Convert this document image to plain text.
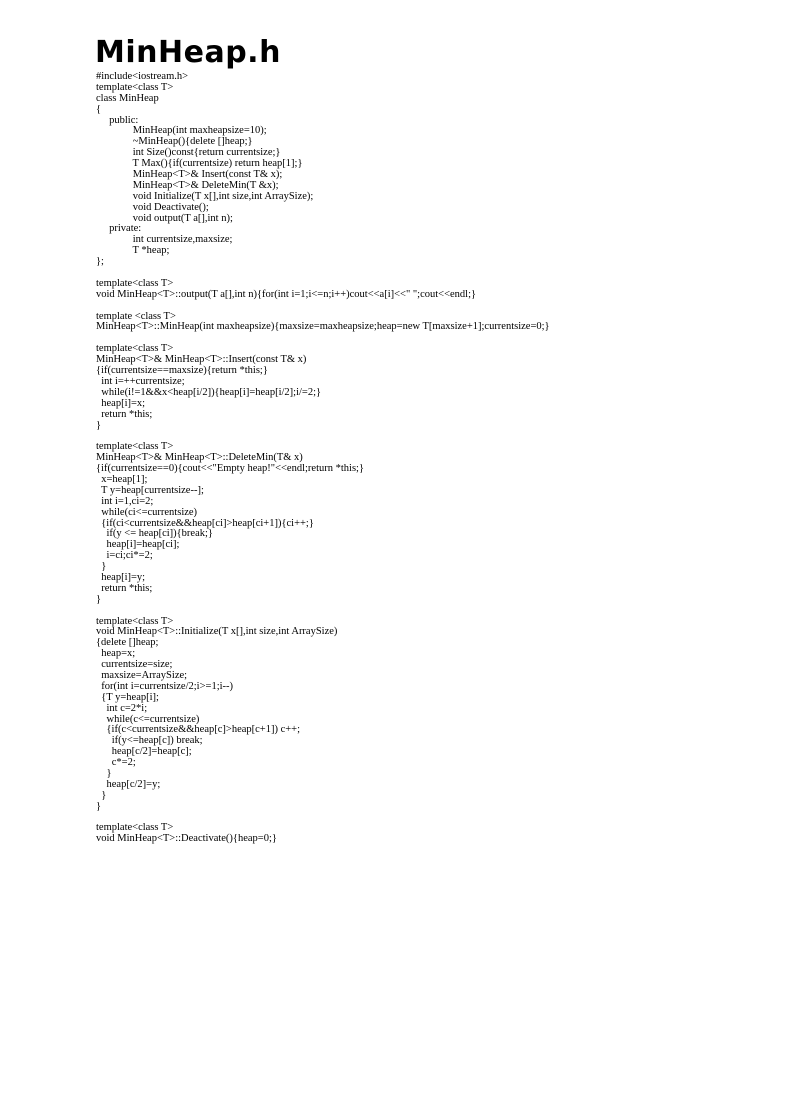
MinHeap.h
#include<iostream.h>
template<class T>
class MinHeap
{
public:
MinHeap(int maxheapsize=10);
~MinHeap(){delete []heap;}
int Size()const{return currentsize;}
T Max(){if(currentsize) return heap[1];}
MinHeap<T>& Insert(const T& x);
MinHeap<T>& DeleteMin(T &x);
void Initialize(T x[],int size,int ArraySize);
void Deactivate();
void output(T a[],int n);
private:
int currentsize,maxsize;
T *heap;
};
template<class T>
void MinHeap<T>::output(T a[],int n){for(int i=1;i<=n;i++)cout<<a[i]<<" ";cout<<endl;}
template <class T>
MinHeap<T>::MinHeap(int maxheapsize){maxsize=maxheapsize;heap=new T[maxsize+1];currentsize=0;}
template<class T>
MinHeap<T>& MinHeap<T>::Insert(const T& x)
{if(currentsize==maxsize){return *this;}
int i=++currentsize;
while(i!=1&&x<heap[i/2]){heap[i]=heap[i/2];i/=2;}
heap[i]=x;
return *this;
}
template<class T>
MinHeap<T>& MinHeap<T>::DeleteMin(T& x)
{if(currentsize==0){cout<<"Empty heap!"<<endl;return *this;}
x=heap[1];
T y=heap[currentsize--];
int i=1,ci=2;
while(ci<=currentsize)
{if(ci<currentsize&&heap[ci]>heap[ci+1]){ci++;}
if(y <= heap[ci]){break;}
heap[i]=heap[ci];
i=ci;ci*=2;
}
heap[i]=y;
return *this;
}
template<class T>
void MinHeap<T>::Initialize(T x[],int size,int ArraySize)
{delete []heap;
heap=x;
currentsize=size;
maxsize=ArraySize;
for(int i=currentsize/2;i>=1;i--)
{T y=heap[i];
int c=2*i;
while(c<=currentsize)
{if(c<currentsize&&heap[c]>heap[c+1]) c++;
if(y<=heap[c]) break;
heap[c/2]=heap[c];
c*=2;
}
heap[c/2]=y;
}
}
template<class T>
void MinHeap<T>::Deactivate(){heap=0;}
